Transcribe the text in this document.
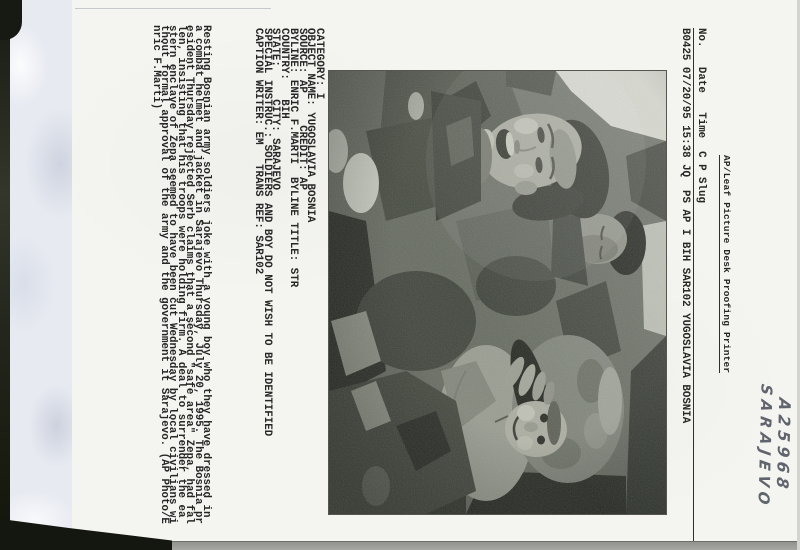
A25968
SARAJEVO
AP/Leaf Picture Desk Proofing Printer
No.   Date   Time  C P Slug
B0425 07/20/95 15:38 JQ  PS AP I BIH SAR102 YUGOSLAVIA BOSNIA
CATEGORY: I
OBJECT NAME: YUGOSLAVIA BOSNIA
SOURCE: AP     CREDIT: AP
BYLINE: ENRIC F.MARTI  BYLINE TITLE: STR
COUNTRY:   BIH
STATE:     CITY: SARAJEVO
SPECIAL INSTRUC.: SOLDIERS AND BOY DO NOT WISH TO BE IDENTIFIED
CAPTION WRITER: EM   TRANS REF: SAR102
Resting Bosnian army soldiers joke with a young boy who they have dressed in
a combat helmet and jacket in Sarajevo Thursday, July 20, 1995. The Bosnia pr
esident Thursday rejected Serb claims that a second "safe area" Zepa, had fal
len, insisting that his troops were holding firm. A deal to surrender the ea
stern enclave of Zepa seemed to have been cut Wednesday by local civilians wi
thout formal approval of the army and the government it Sarajevo. (AP Photo/E
nric F.Marti)
